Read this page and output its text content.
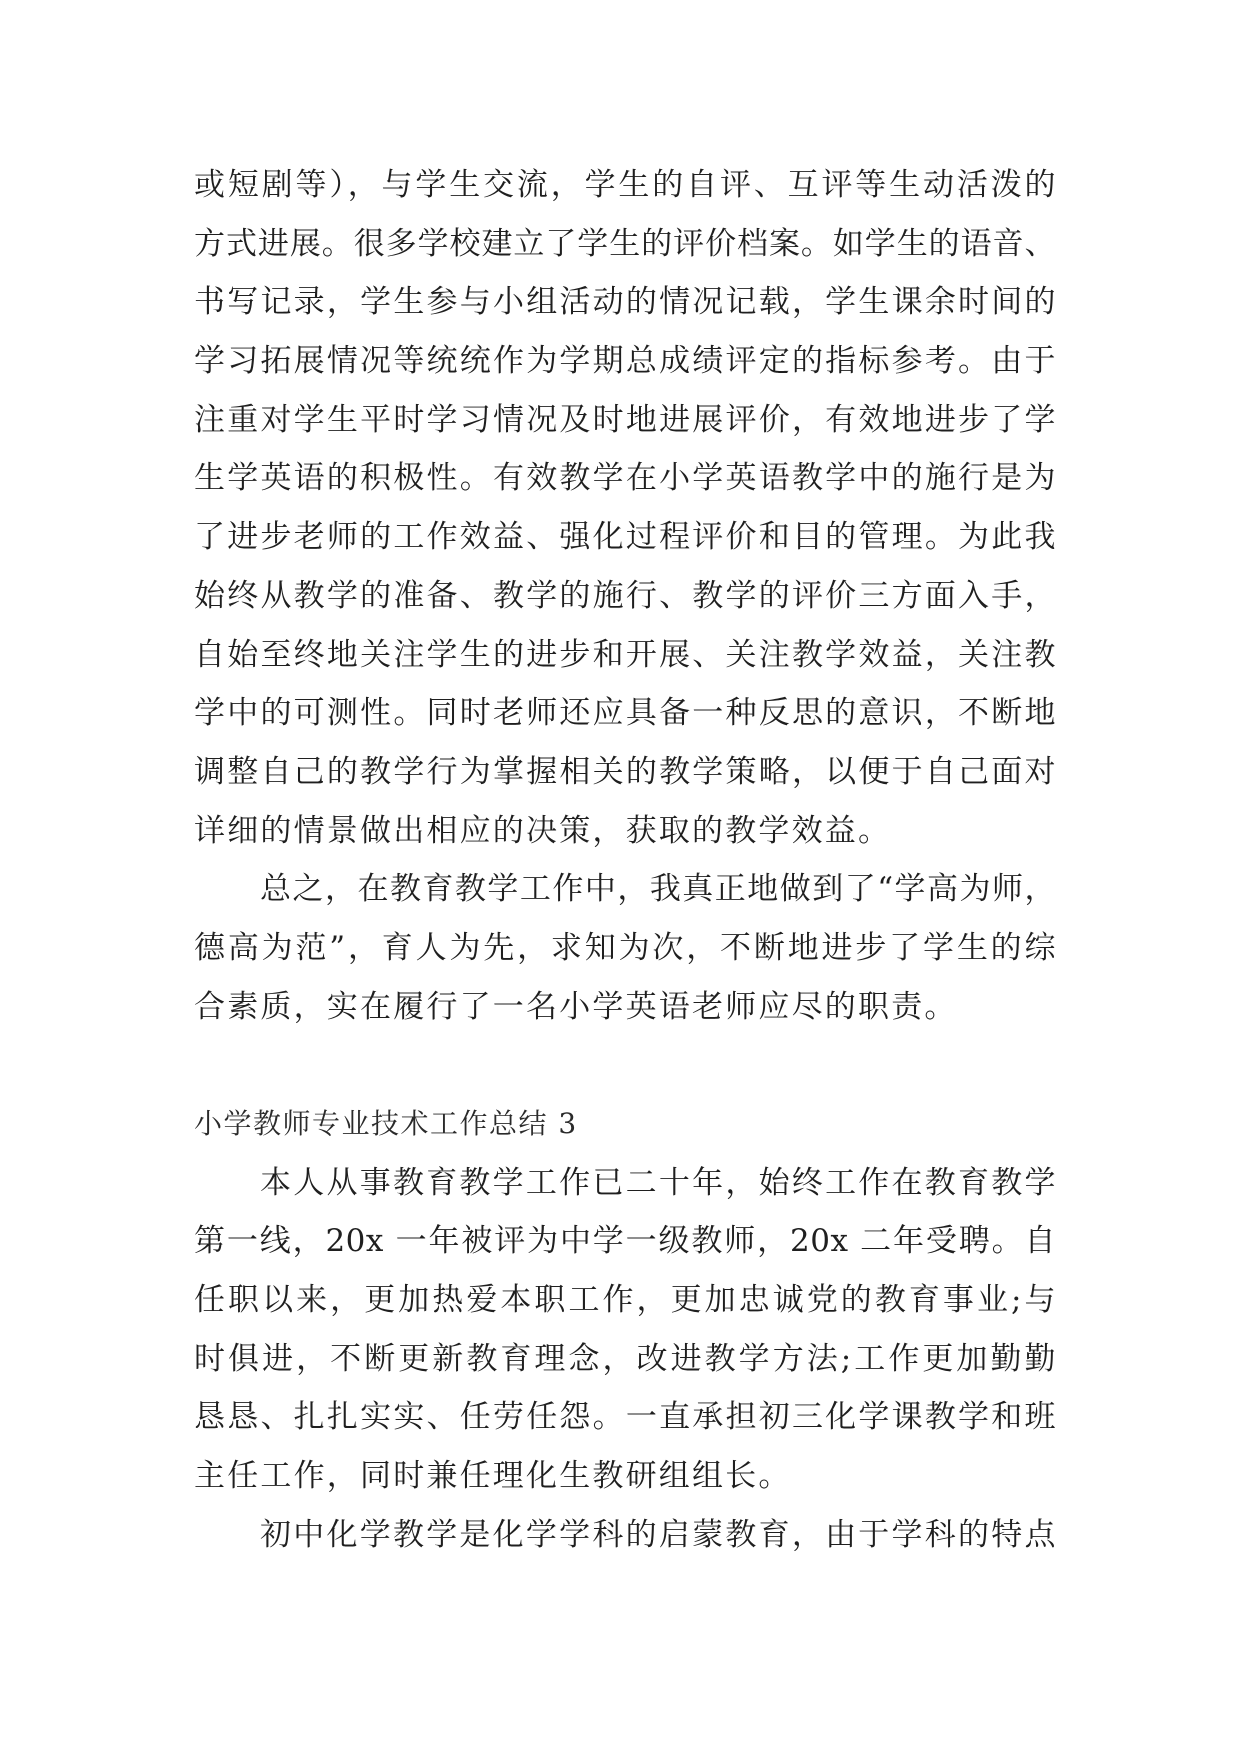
或短剧等），与学生交流，学生的自评、互评等生动活泼的
方式进展。很多学校建立了学生的评价档案。如学生的语音、
书写记录，学生参与小组活动的情况记载，学生课余时间的
学习拓展情况等统统作为学期总成绩评定的指标参考。由于
注重对学生平时学习情况及时地进展评价，有效地进步了学
生学英语的积极性。有效教学在小学英语教学中的施行是为
了进步老师的工作效益、强化过程评价和目的管理。为此我
始终从教学的准备、教学的施行、教学的评价三方面入手，
自始至终地关注学生的进步和开展、关注教学效益，关注教
学中的可测性。同时老师还应具备一种反思的意识，不断地
调整自己的教学行为掌握相关的教学策略，以便于自己面对
详细的情景做出相应的决策，获取的教学效益。
总之，在教育教学工作中，我真正地做到了“学高为师，
德高为范”，育人为先，求知为次，不断地进步了学生的综
合素质，实在履行了一名小学英语老师应尽的职责。
小学教师专业技术工作总结 3
本人从事教育教学工作已二十年，始终工作在教育教学
第一线，20x 一年被评为中学一级教师，20x 二年受聘。自
任职以来，更加热爱本职工作，更加忠诚党的教育事业;与
时俱进，不断更新教育理念，改进教学方法;工作更加勤勤
恳恳、扎扎实实、任劳任怨。一直承担初三化学课教学和班
主任工作，同时兼任理化生教研组组长。
初中化学教学是化学学科的启蒙教育，由于学科的特点
